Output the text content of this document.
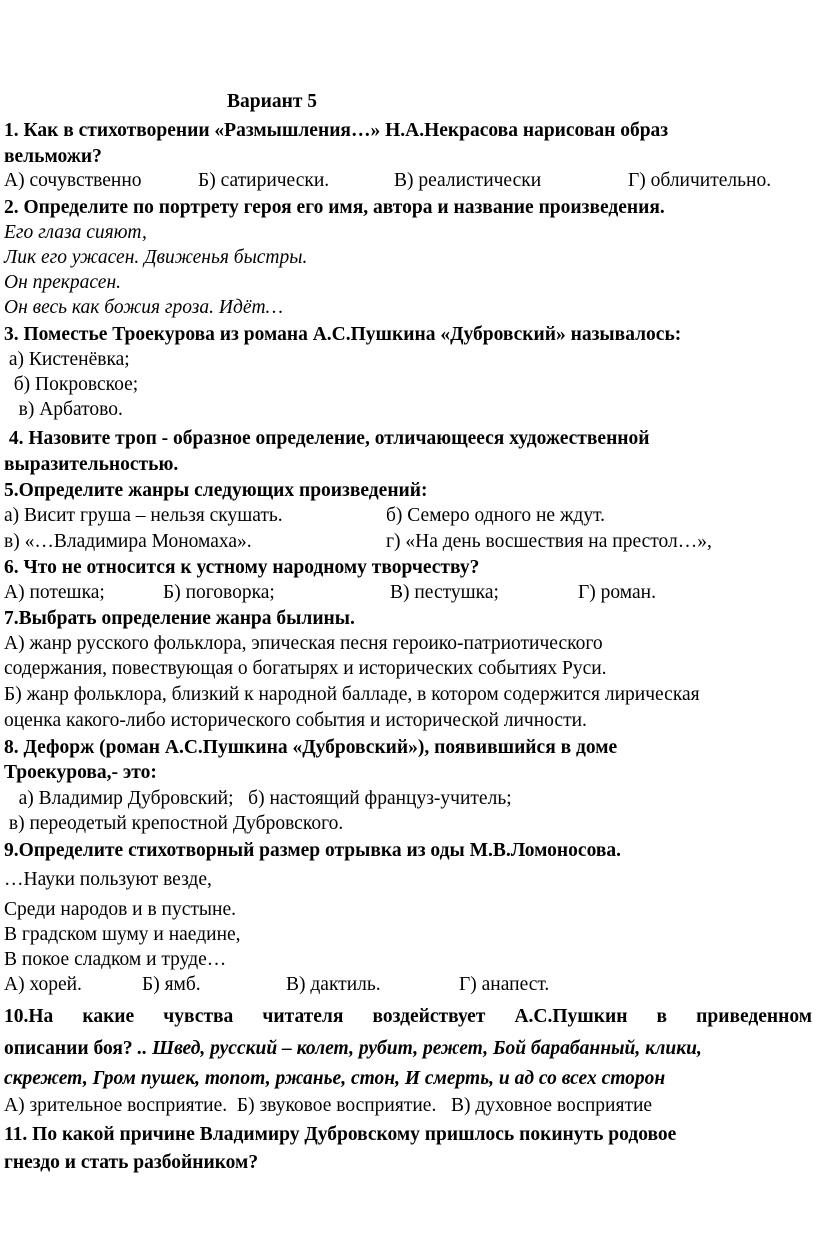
Вариант 5
1. Как в стихотворении «Размышления…» Н.А.Некрасова нарисован образ
вельможи?
А) сочувственно	Б) сатирически.	В) реалистически	Г) обличительно.
2. Определите по портрету героя его имя, автора и название произведения.
Его глаза сияют,
Лик его ужасен. Движенья быстры.
Он прекрасен.
Он весь как божия гроза. Идёт…
3. Поместье Троекурова из романа А.С.Пушкина «Дубровский» называлось:
а) Кистенёвка;
б) Покровское;
в) Арбатово.
4. Назовите троп - образное определение, отличающееся художественной
выразительностью.
5.Определите жанры следующих произведений:
а) Висит груша – нельзя скушать.	б) Семеро одного не ждут.
в) «…Владимира Мономаха».	г) «На день восшествия на престол…»,
6. Что не относится к устному народному творчеству?
А) потешка;	Б) поговорка;	В) пестушка;	Г) роман.
7.Выбрать определение жанра былины.
А) жанр русского фольклора, эпическая песня героико-патриотического
содержания, повествующая о богатырях и исторических событиях Руси.
Б) жанр фольклора, близкий к народной балладе, в котором содержится лирическая
оценка какого-либо исторического события и исторической личности.
8. Дефорж (роман А.С.Пушкина «Дубровский»), появившийся в доме
Троекурова,- это:
а) Владимир Дубровский;   б) настоящий француз-учитель;
в) переодетый крепостной Дубровского.
9.Определите стихотворный размер отрывка из оды М.В.Ломоносова.
…Науки пользуют везде,
Среди народов и в пустыне.
В градском шуму и наедине,
В покое сладком и труде…
А) хорей.	Б) ямб.	В) дактиль.	Г) анапест.
10.На какие чувства читателя воздействует А.С.Пушкин в приведенном
описании боя? .. Швед, русский – колет, рубит, режет, Бой барабанный, клики,
скрежет, Гром пушек, топот, ржанье, стон, И смерть, и ад со всех сторон
А) зрительное восприятие.  Б) звуковое восприятие.   В) духовное восприятие
11. По какой причине Владимиру Дубровскому пришлось покинуть родовое
гнездо и стать разбойником?
